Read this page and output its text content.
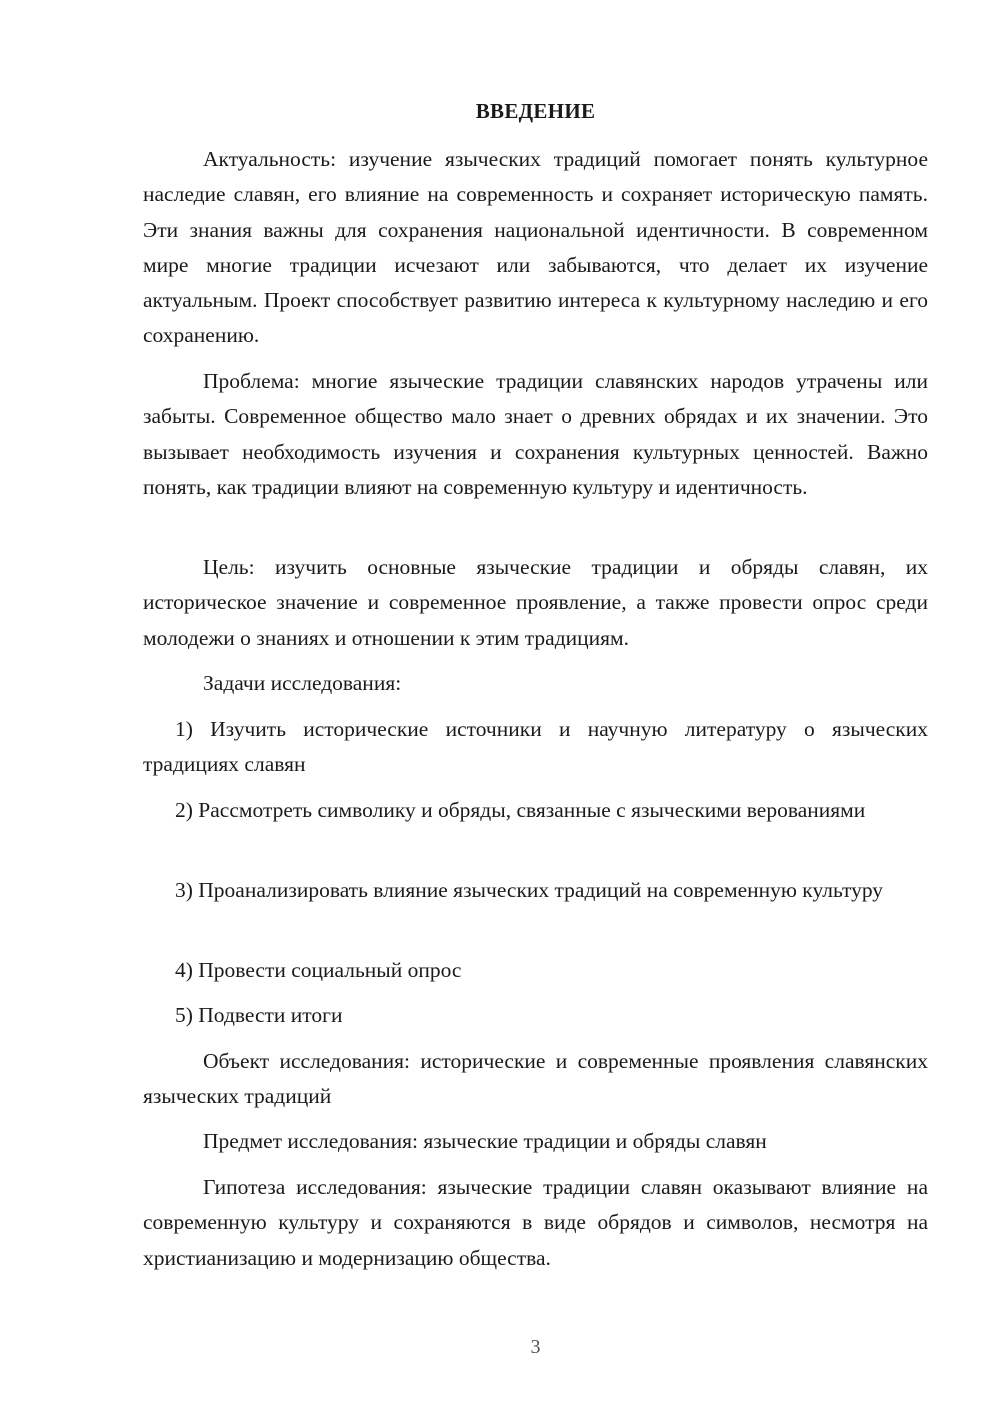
ВВЕДЕНИЕ

Актуальность: изучение языческих традиций помогает понять культурное наследие славян, его влияние на современность и сохраняет историческую память. Эти знания важны для сохранения национальной идентичности. В современном мире многие традиции исчезают или забываются, что делает их изучение актуальным. Проект способствует развитию интереса к культурному наследию и его сохранению.

Проблема: многие языческие традиции славянских народов утрачены или забыты. Современное общество мало знает о древних обрядах и их значении. Это вызывает необходимость изучения и сохранения культурных ценностей. Важно понять, как традиции влияют на современную культуру и идентичность.

Цель: изучить основные языческие традиции и обряды славян, их историческое значение и современное проявление, а также провести опрос среди молодежи о знаниях и отношении к этим традициям.

Задачи исследования:

1) Изучить исторические источники и научную литературу о языческих традициях славян

2) Рассмотреть символику и обряды, связанные с языческими верованиями

3) Проанализировать влияние языческих традиций на современную культуру

4) Провести социальный опрос

5) Подвести итоги

Объект исследования: исторические и современные проявления славянских языческих традиций

Предмет исследования: языческие традиции и обряды славян

Гипотеза исследования: языческие традиции славян оказывают влияние на современную культуру и сохраняются в виде обрядов и символов, несмотря на христианизацию и модернизацию общества.

3
